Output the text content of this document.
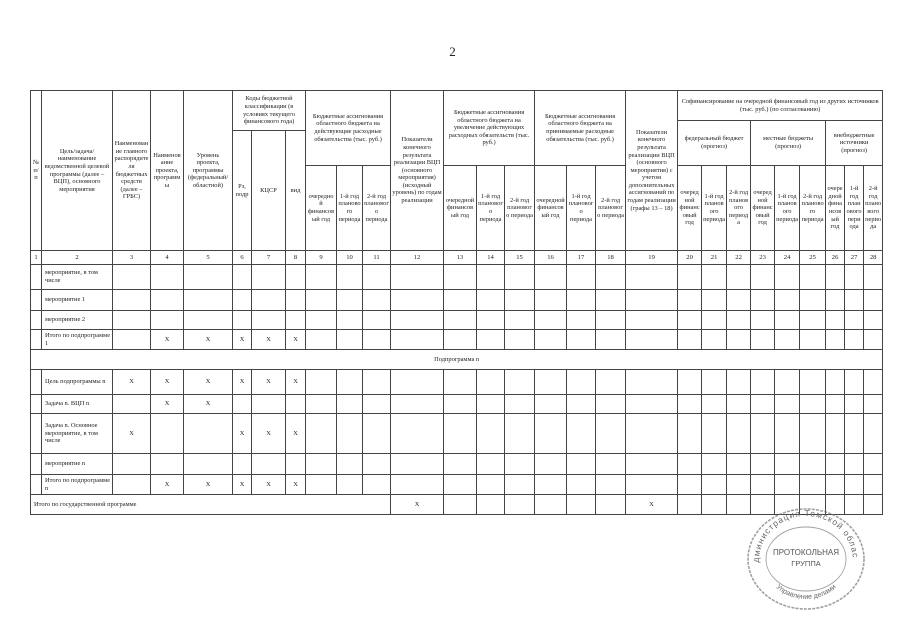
2
№ п/п	Цель/задача/наименование ведомственной целевой программы (далее – ВЦП), основного мероприятия	Наименование главного распорядителя бюджетных средств (далее – ГРБС)	Наименование проекта, программы	Уровень проекта, программы (федеральный/областной)	Коды бюджетной классификации (в условиях текущего финансового года)			Бюджетные ассигнования областного бюджета на действующие расходные обязательства (тыс. руб.)			Показатели конечного результата реализации ВЦП (основного мероприятия) (исходный уровень) по годам реализации	Бюджетные ассигнования областного бюджета на увеличение действующих расходных обязательств (тыс. руб.)			Бюджетные ассигнования областного бюджета на принимаемые расходные обязательства (тыс. руб.)			Показатели конечного результата реализации ВЦП (основного мероприятия) с учетом дополнительных ассигнований по годам реализации (графы 13 – 18)	Софинансирование на очередной финансовый год из других источников (тыс. руб.) (по согласованию)								
																			федеральный бюджет (прогноз)			местные бюджеты (прогноз)			внебюджетные источники (прогноз)		
					Рз, подр	КЦСР	вид																				
								очередной финансовый год	1-й год планового периода	2-й год планового периода		очередной финансовый год	1-й год планового периода	2-й год планового периода	очередной финансовый год	1-й год планового периода	2-й год планового периода		очередной финансовый год	1-й год планового периода	2-й год планового периода	очередной финансовый год	1-й год планового периода	2-й год планового периода	очередной финансовый год	1-й год планового периода	2-й год планового периода
1	2	3	4	5	6	7	8	9	10	11	12	13	14	15	16	17	18	19	20	21	22	23	24	25	26	27	28
	мероприятие, в том числе																										
	мероприятие 1																										
	мероприятие 2																										
	Итого по подпрограмме 1		Х	Х	Х	Х	Х																				
Подпрограмма n																											
	Цель подпрограммы n	Х	Х	Х	Х	Х	Х																				
	Задача n. ВЦП n		Х	Х																							
	Задача n. Основное мероприятие, в том числе	Х			Х	Х	Х																				
	мероприятие n																										
	Итого по подпрограмме n		Х	Х	Х	Х	Х																				
Итого по государственной программе											Х							Х									
дминистрация Томской облас
ПРОТОКОЛЬНАЯ
ГРУППА
Управление делами
